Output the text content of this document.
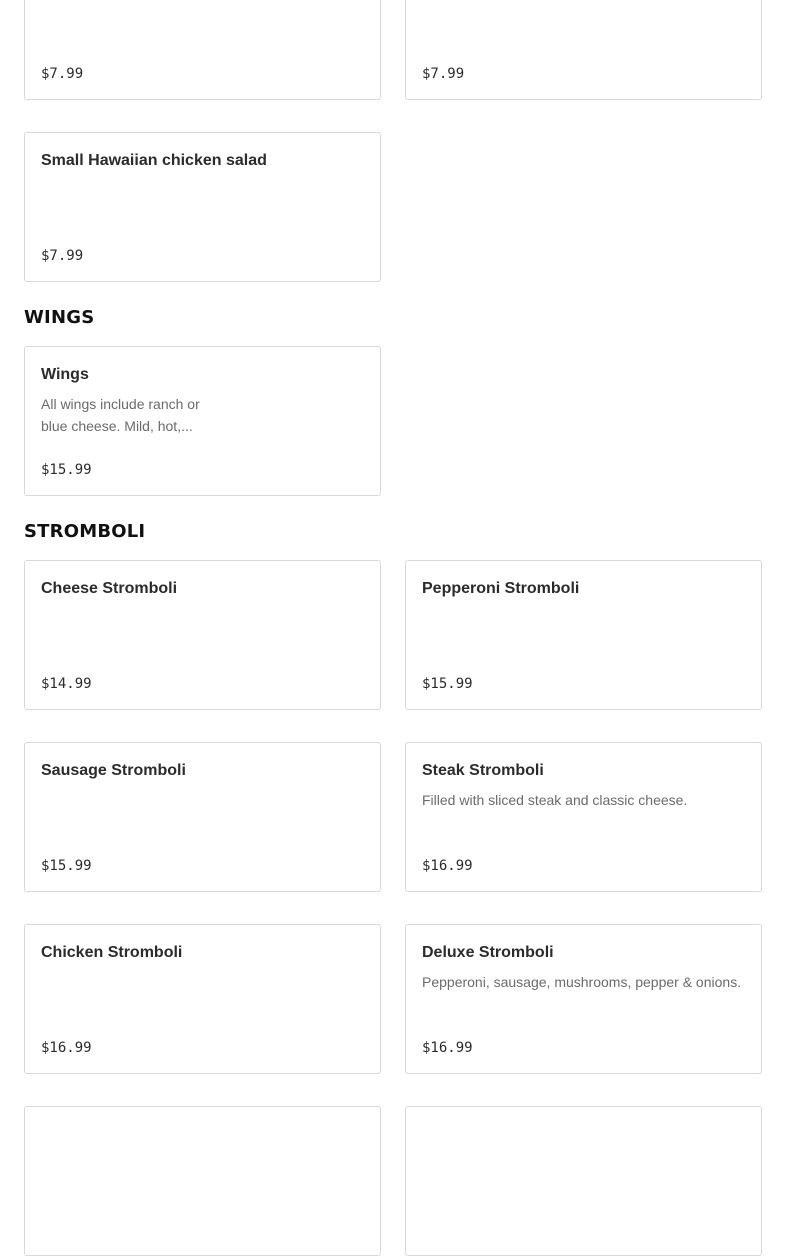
$7.99	$7.99
Small Hawaiian chicken salad
$7.99
WINGS
Wings
All wings include ranch or blue cheese. Mild, hot,...
$15.99
STROMBOLI
Cheese Stromboli
$14.99
Pepperoni Stromboli
$15.99
Sausage Stromboli
$15.99
Steak Stromboli
Filled with sliced steak and classic cheese.
$16.99
Chicken Stromboli
$16.99
Deluxe Stromboli
Pepperoni, sausage, mushrooms, pepper & onions.
$16.99
